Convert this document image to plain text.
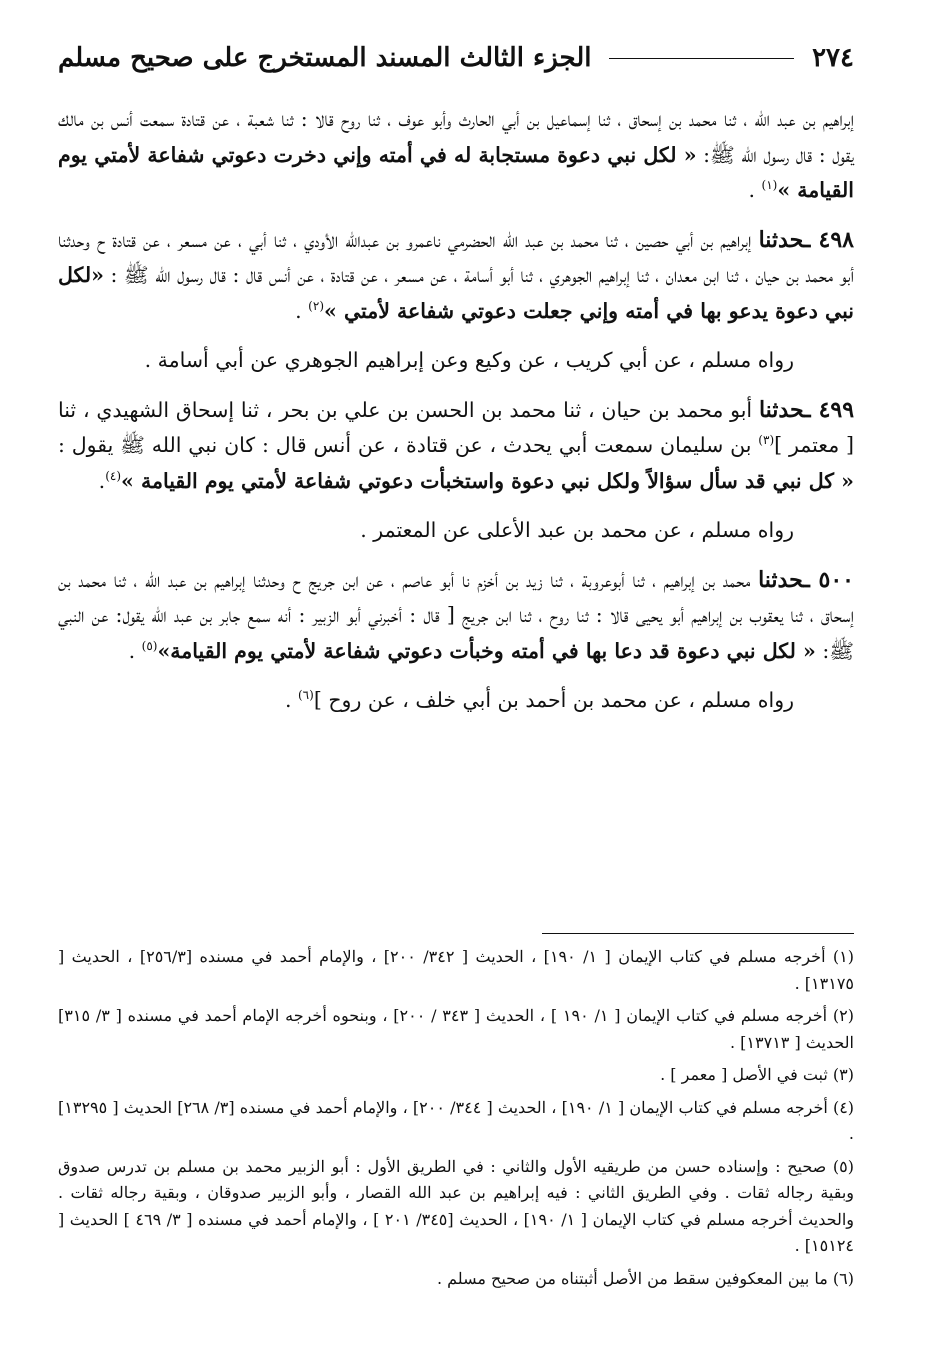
٢٧٤
الجزء الثالث المسند المستخرج على صحيح مسلم

إبراهيم بن عبد الله ، ثنا محمد بن إسحاق ، ثنا إسماعيل بن أبي الحارث وأبو عوف ، ثنا روح قالا : ثنا شعبة ، عن قتادة سمعت أنس بن مالك يقول : قال رسول الله ﷺ: « لكل نبي دعوة مستجابة له في أمته وإني دخرت دعوتي شفاعة لأمتي يوم القيامة »$^{(١)}$ .

٤٩٨ ـحدثنا إبراهيم بن أبي حصين ، ثنا محمد بن عبد الله الحضرمي ناعمرو بن عبدالله الأودي ، ثنا أبي ، عن مسعر ، عن قتادة ح وحدثنا أبو محمد بن حيان ، ثنا ابن معدان ، ثنا إبراهيم الجوهري ، ثنا أبو أسامة ، عن مسعر ، عن قتادة ، عن أنس قال : قال رسول الله ﷺ : «لكل نبي دعوة يدعو بها في أمته وإني جعلت دعوتي شفاعة لأمتي »$^{(٢)}$ .

رواه مسلم ، عن أبي كريب ، عن وكيع وعن إبراهيم الجوهري عن أبي أسامة .

٤٩٩ ـحدثنا أبو محمد بن حيان ، ثنا محمد بن الحسن بن علي بن بحر ، ثنا إسحاق الشهيدي ، ثنا [ معتمر ]$^{(٣)}$ بن سليمان سمعت أبي يحدث ، عن قتادة ، عن أنس قال : كان نبي الله ﷺ يقول : « كل نبي قد سأل سؤالاً ولكل نبي دعوة واستخبأت دعوتي شفاعة لأمتي يوم القيامة »$^{(٤)}$.

رواه مسلم ، عن محمد بن عبد الأعلى عن المعتمر .

٥٠٠ ـحدثنا محمد بن إبراهيم ، ثنا أبوعروبة ، ثنا زيد بن أخزم نا أبو عاصم ، عن ابن جريج ح وحدثنا إبراهيم بن عبد الله ، ثنا محمد بن إسحاق ، ثنا يعقوب بن إبراهيم أبو يحيى قالا : ثنا روح ، ثنا ابن جريج [ قال : أخبرني أبو الزبير : أنه سمع جابر بن عبد الله يقول: عن النبي ﷺ: « لكل نبي دعوة قد دعا بها في أمته وخبأت دعوتي شفاعة لأمتي يوم القيامة»$^{(٥)}$ .

رواه مسلم ، عن محمد بن أحمد بن أبي خلف ، عن روح ]$^{(٦)}$ .

(١) أخرجه مسلم في كتاب الإيمان [ ١/ ١٩٠] ، الحديث [ ٣٤٢/ ٢٠٠] ، والإمام أحمد في مسنده [٢٥٦/٣] ، الحديث [ ١٣١٧٥] .

(٢) أخرجه مسلم في كتاب الإيمان [ ١/ ١٩٠ ] ، الحديث [ ٣٤٣ / ٢٠٠] ، وبنحوه أخرجه الإمام أحمد في مسنده [ ٣/ ٣١٥] الحديث [ ١٣٧١٣] .

(٣) ثبت في الأصل [ معمر ] .

(٤) أخرجه مسلم في كتاب الإيمان [ ١/ ١٩٠] ، الحديث [ ٣٤٤/ ٢٠٠] ، والإمام أحمد في مسنده [٣/ ٢٦٨] الحديث [ ١٣٢٩٥] .

(٥) صحيح : وإسناده حسن من طريقيه الأول والثاني : في الطريق الأول : أبو الزبير محمد بن مسلم بن تدرس صدوق وبقية رجاله ثقات . وفي الطريق الثاني : فيه إبراهيم بن عبد الله القصار ، وأبو الزبير صدوقان ، وبقية رجاله ثقات . والحديث أخرجه مسلم في كتاب الإيمان [ ١/ ١٩٠] ، الحديث [٣٤٥/ ٢٠١ ] ، والإمام أحمد في مسنده [ ٣/ ٤٦٩ ] الحديث [ ١٥١٢٤] .

(٦) ما بين المعكوفين سقط من الأصل أثبتناه من صحيح مسلم .
